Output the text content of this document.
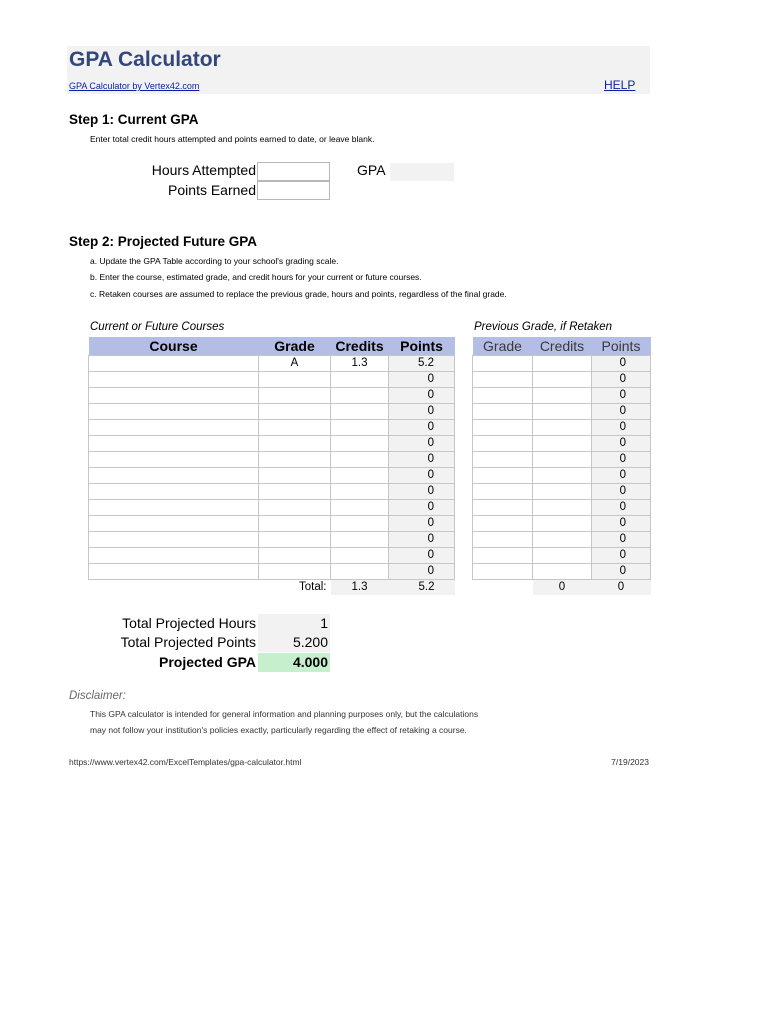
GPA Calculator
GPA Calculator by Vertex42.com	HELP
Step 1: Current GPA
Enter total credit hours attempted and points earned to date, or leave blank.
Hours Attempted
Points Earned
GPA
Step 2: Projected Future GPA
a. Update the GPA Table according to your school's grading scale.
b. Enter the course, estimated grade, and credit hours for your current or future courses.
c. Retaken courses are assumed to replace the previous grade, hours and points, regardless of the final grade.
Current or Future Courses	Previous Grade, if Retaken
Course	Grade	Credits	Points
	A	1.3	5.2
			0
			0
			0
			0
			0
			0
			0
			0
			0
			0
			0
			0
			0
	Total:	1.3	5.2
Grade	Credits	Points
		0
		0
		0
		0
		0
		0
		0
		0
		0
		0
		0
		0
		0
		0
	0	0
Total Projected Hours	1
Total Projected Points	5.200
Projected GPA	4.000
Disclaimer:
This GPA calculator is intended for general information and planning purposes only, but the calculations
may not follow your institution's policies exactly, particularly regarding the effect of retaking a course.
https://www.vertex42.com/ExcelTemplates/gpa-calculator.html	7/19/2023
